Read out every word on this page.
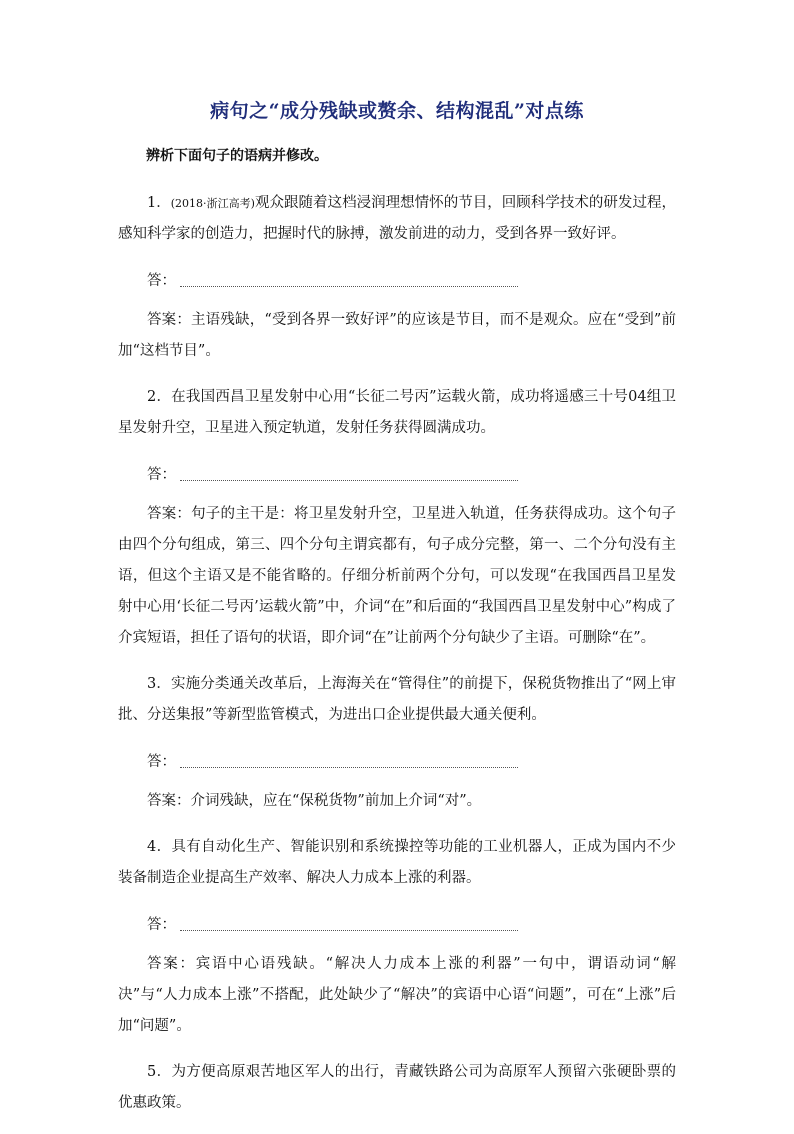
病句之“成分残缺或赘余、结构混乱”对点练
辨析下面句子的语病并修改。

1．(2018·浙江高考)观众跟随着这档浸润理想情怀的节目，回顾科学技术的研发过程，感知科学家的创造力，把握时代的脉搏，激发前进的动力，受到各界一致好评。

答：

答案：主语残缺，“受到各界一致好评”的应该是节目，而不是观众。应在“受到”前加“这档节目”。

2．在我国西昌卫星发射中心用“长征二号丙”运载火箭，成功将遥感三十号04组卫星发射升空，卫星进入预定轨道，发射任务获得圆满成功。

答：

答案：句子的主干是：将卫星发射升空，卫星进入轨道，任务获得成功。这个句子由四个分句组成，第三、四个分句主谓宾都有，句子成分完整，第一、二个分句没有主语，但这个主语又是不能省略的。仔细分析前两个分句，可以发现“在我国西昌卫星发射中心用‘长征二号丙’运载火箭”中，介词“在”和后面的“我国西昌卫星发射中心”构成了介宾短语，担任了语句的状语，即介词“在”让前两个分句缺少了主语。可删除“在”。

3．实施分类通关改革后，上海海关在“管得住”的前提下，保税货物推出了“网上审批、分送集报”等新型监管模式，为进出口企业提供最大通关便利。

答：

答案：介词残缺，应在“保税货物”前加上介词“对”。

4．具有自动化生产、智能识别和系统操控等功能的工业机器人，正成为国内不少装备制造企业提高生产效率、解决人力成本上涨的利器。

答：

答案：宾语中心语残缺。“解决人力成本上涨的利器”一句中，谓语动词“解决”与“人力成本上涨”不搭配，此处缺少了“解决”的宾语中心语“问题”，可在“上涨”后加“问题”。

5．为方便高原艰苦地区军人的出行，青藏铁路公司为高原军人预留六张硬卧票的优惠政策。
